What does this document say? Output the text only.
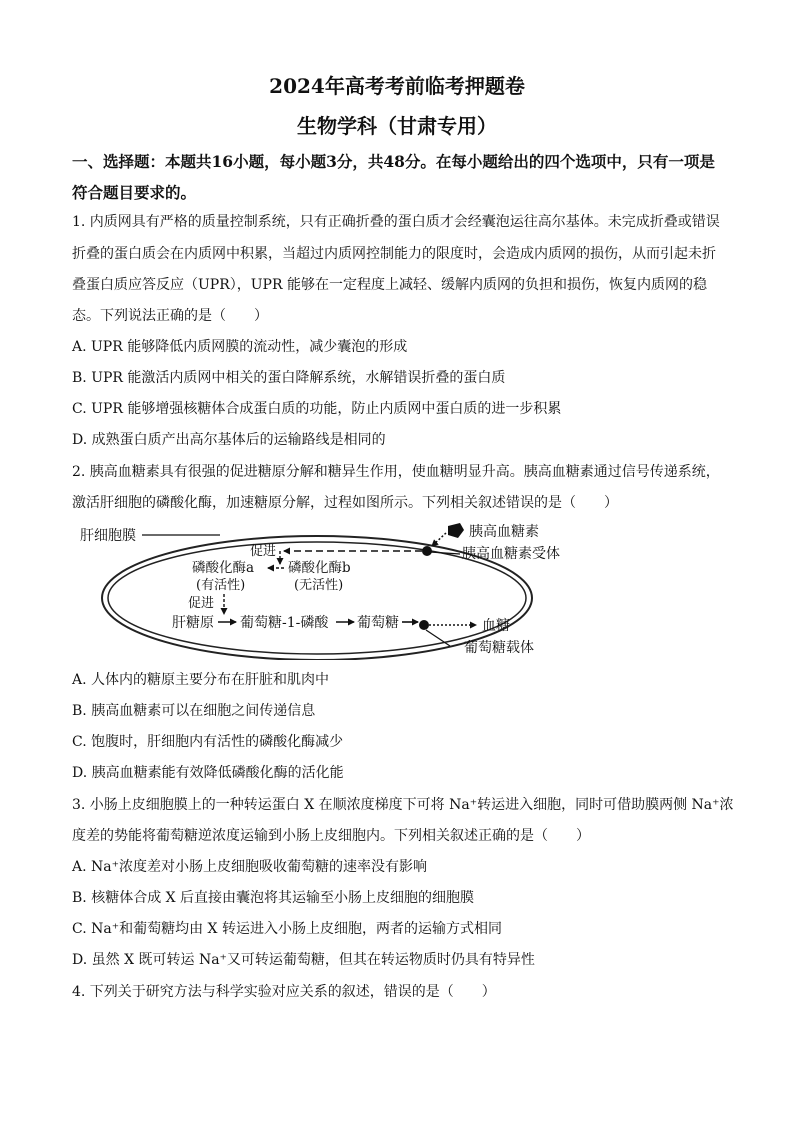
2024年高考考前临考押题卷
生物学科（甘肃专用）
一、选择题：本题共16小题，每小题3分，共48分。在每小题给出的四个选项中，只有一项是符合题目要求的。
1. 内质网具有严格的质量控制系统，只有正确折叠的蛋白质才会经囊泡运往高尔基体。未完成折叠或错误
折叠的蛋白质会在内质网中积累，当超过内质网控制能力的限度时，会造成内质网的损伤，从而引起未折
叠蛋白质应答反应（UPR），UPR 能够在一定程度上减轻、缓解内质网的负担和损伤，恢复内质网的稳
态。下列说法正确的是（　　）
A. UPR 能够降低内质网膜的流动性，减少囊泡的形成
B. UPR 能激活内质网中相关的蛋白降解系统，水解错误折叠的蛋白质
C. UPR 能够增强核糖体合成蛋白质的功能，防止内质网中蛋白质的进一步积累
D. 成熟蛋白质产出高尔基体后的运输路线是相同的
2. 胰高血糖素具有很强的促进糖原分解和糖异生作用，使血糖明显升高。胰高血糖素通过信号传递系统，
激活肝细胞的磷酸化酶，加速糖原分解，过程如图所示。下列相关叙述错误的是（　　）
肝细胞膜	胰高血糖素
胰高血糖素受体
促进
磷酸化酶a
(有活性)
磷酸化酶b
(无活性)
促进
肝糖原 葡萄糖-1-磷酸 葡萄糖	血糖
葡萄糖载体
A. 人体内的糖原主要分布在肝脏和肌肉中
B. 胰高血糖素可以在细胞之间传递信息
C. 饱腹时，肝细胞内有活性的磷酸化酶减少
D. 胰高血糖素能有效降低磷酸化酶的活化能
3. 小肠上皮细胞膜上的一种转运蛋白 X 在顺浓度梯度下可将 Na⁺转运进入细胞，同时可借助膜两侧 Na⁺浓
度差的势能将葡萄糖逆浓度运输到小肠上皮细胞内。下列相关叙述正确的是（　　）
A. Na⁺浓度差对小肠上皮细胞吸收葡萄糖的速率没有影响
B. 核糖体合成 X 后直接由囊泡将其运输至小肠上皮细胞的细胞膜
C. Na⁺和葡萄糖均由 X 转运进入小肠上皮细胞，两者的运输方式相同
D. 虽然 X 既可转运 Na⁺又可转运葡萄糖，但其在转运物质时仍具有特异性
4. 下列关于研究方法与科学实验对应关系的叙述，错误的是（　　）
